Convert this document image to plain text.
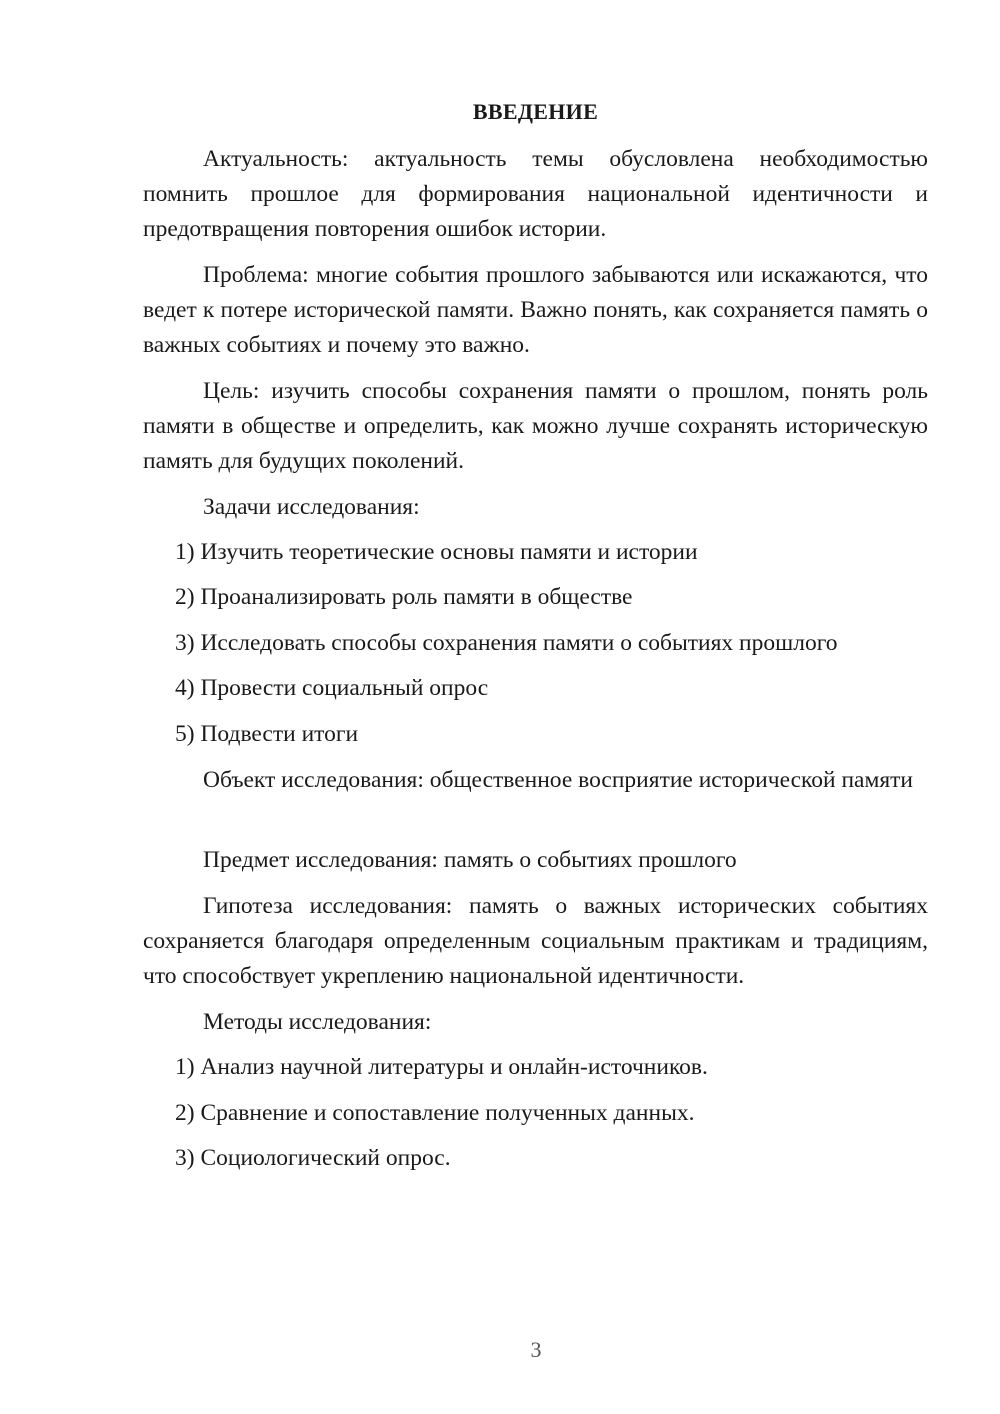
ВВЕДЕНИЕ
Актуальность: актуальность темы обусловлена необходимостью помнить прошлое для формирования национальной идентичности и предотвращения повторения ошибок истории.
Проблема: многие события прошлого забываются или искажаются, что ведет к потере исторической памяти. Важно понять, как сохраняется память о важных событиях и почему это важно.
Цель: изучить способы сохранения памяти о прошлом, понять роль памяти в обществе и определить, как можно лучше сохранять историческую память для будущих поколений.
Задачи исследования:
1) Изучить теоретические основы памяти и истории
2) Проанализировать роль памяти в обществе
3) Исследовать способы сохранения памяти о событиях прошлого
4) Провести социальный опрос
5) Подвести итоги
Объект исследования: общественное восприятие исторической памяти
Предмет исследования: память о событиях прошлого
Гипотеза исследования: память о важных исторических событиях сохраняется благодаря определенным социальным практикам и традициям, что способствует укреплению национальной идентичности.
Методы исследования:
1) Анализ научной литературы и онлайн-источников.
2) Сравнение и сопоставление полученных данных.
3) Социологический опрос.
3
